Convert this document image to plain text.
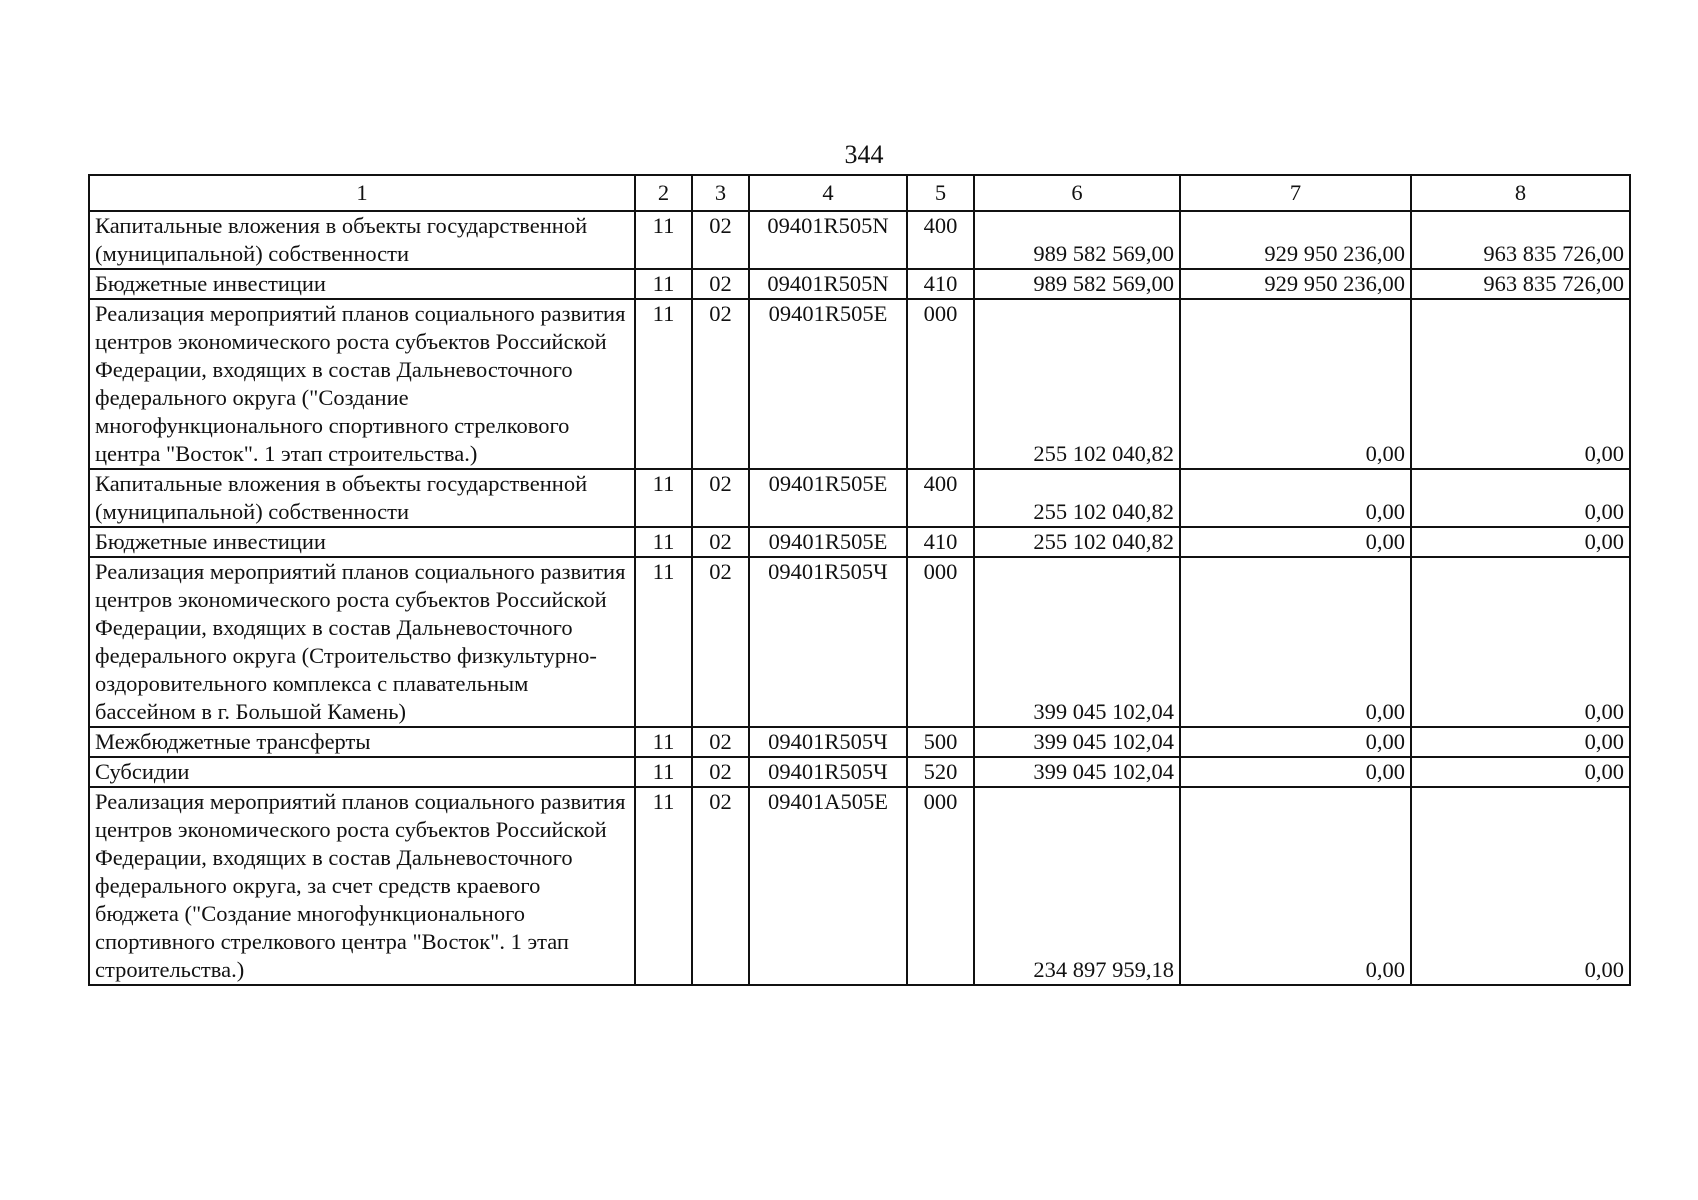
344
1	2	3	4	5	6	7	8
Капитальные вложения в объекты государственной (муниципальной) собственности	11	02	09401R505N	400	989 582 569,00	929 950 236,00	963 835 726,00
Бюджетные инвестиции	11	02	09401R505N	410	989 582 569,00	929 950 236,00	963 835 726,00
Реализация мероприятий планов социального развития центров экономического роста субъектов Российской Федерации, входящих в состав Дальневосточного федерального округа ("Создание многофункционального спортивного стрелкового центра "Восток". 1 этап строительства.)	11	02	09401R505E	000	255 102 040,82	0,00	0,00
Капитальные вложения в объекты государственной (муниципальной) собственности	11	02	09401R505E	400	255 102 040,82	0,00	0,00
Бюджетные инвестиции	11	02	09401R505E	410	255 102 040,82	0,00	0,00
Реализация мероприятий планов социального развития центров экономического роста субъектов Российской Федерации, входящих в состав Дальневосточного федерального округа (Строительство физкультурно-оздоровительного комплекса с плавательным бассейном в г. Большой Камень)	11	02	09401R505Ч	000	399 045 102,04	0,00	0,00
Межбюджетные трансферты	11	02	09401R505Ч	500	399 045 102,04	0,00	0,00
Субсидии	11	02	09401R505Ч	520	399 045 102,04	0,00	0,00
Реализация мероприятий планов социального развития центров экономического роста субъектов Российской Федерации, входящих в состав Дальневосточного федерального округа, за счет средств краевого бюджета ("Создание многофункционального спортивного стрелкового центра "Восток". 1 этап строительства.)	11	02	09401А505Е	000	234 897 959,18	0,00	0,00
